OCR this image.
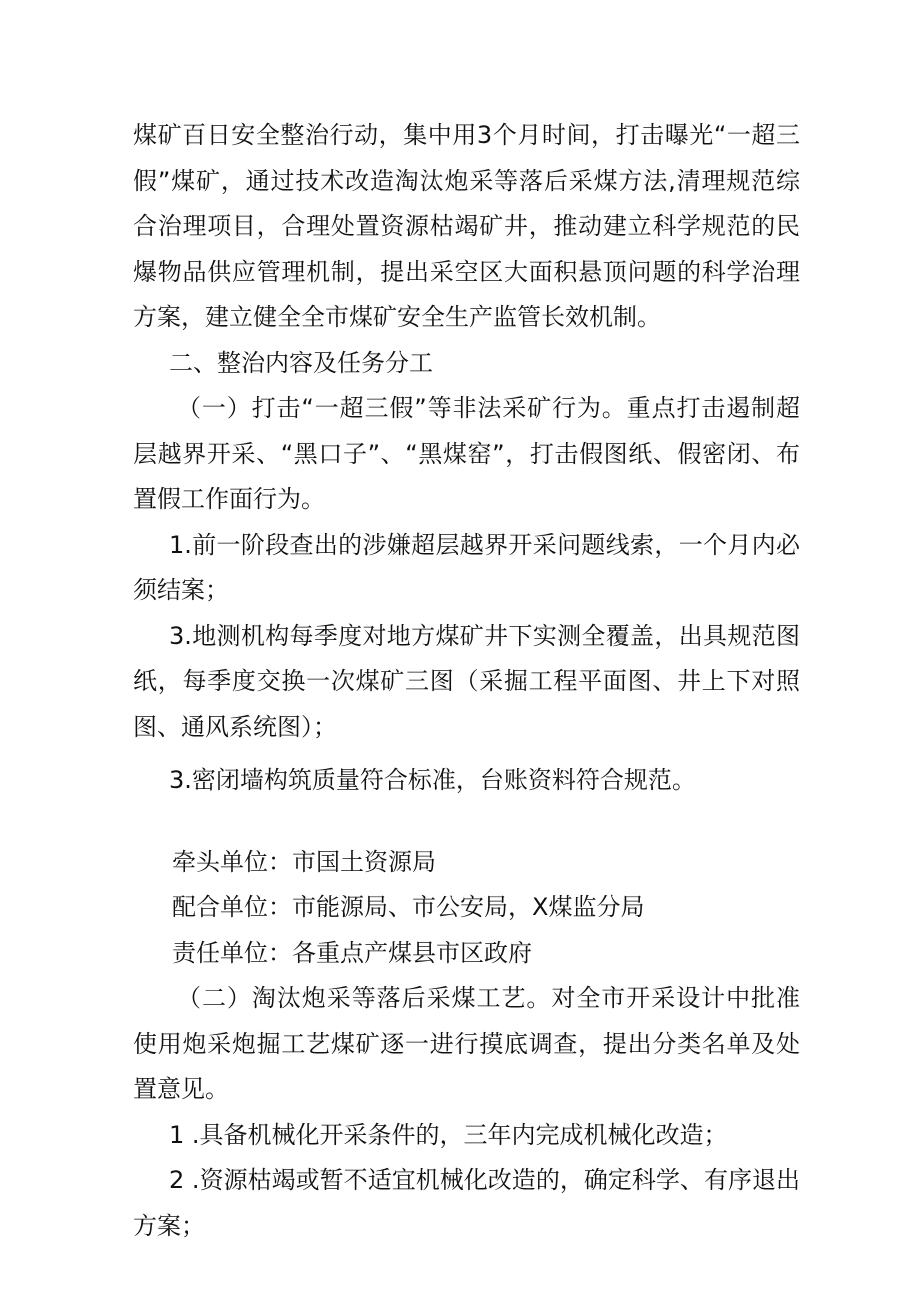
煤矿百日安全整治行动，集中用3个月时间，打击曝光“一超三假”煤矿，通过技术改造淘汰炮采等落后采煤方法,清理规范综合治理项目，合理处置资源枯竭矿井，推动建立科学规范的民爆物品供应管理机制，提出采空区大面积悬顶问题的科学治理方案，建立健全全市煤矿安全生产监管长效机制。

二、整治内容及任务分工

（一）打击“一超三假”等非法采矿行为。重点打击遏制超层越界开采、“黑口子”、“黑煤窑”，打击假图纸、假密闭、布置假工作面行为。

1.前一阶段查出的涉嫌超层越界开采问题线索，一个月内必须结案；

3.地测机构每季度对地方煤矿井下实测全覆盖，出具规范图纸，每季度交换一次煤矿三图（采掘工程平面图、井上下对照图、通风系统图）；

3.密闭墙构筑质量符合标准，台账资料符合规范。

牵头单位：市国土资源局

配合单位：市能源局、市公安局，X煤监分局

责任单位：各重点产煤县市区政府

（二）淘汰炮采等落后采煤工艺。对全市开采设计中批准使用炮采炮掘工艺煤矿逐一进行摸底调查，提出分类名单及处置意见。

1 .具备机械化开采条件的，三年内完成机械化改造；

2 .资源枯竭或暂不适宜机械化改造的，确定科学、有序退出方案；
